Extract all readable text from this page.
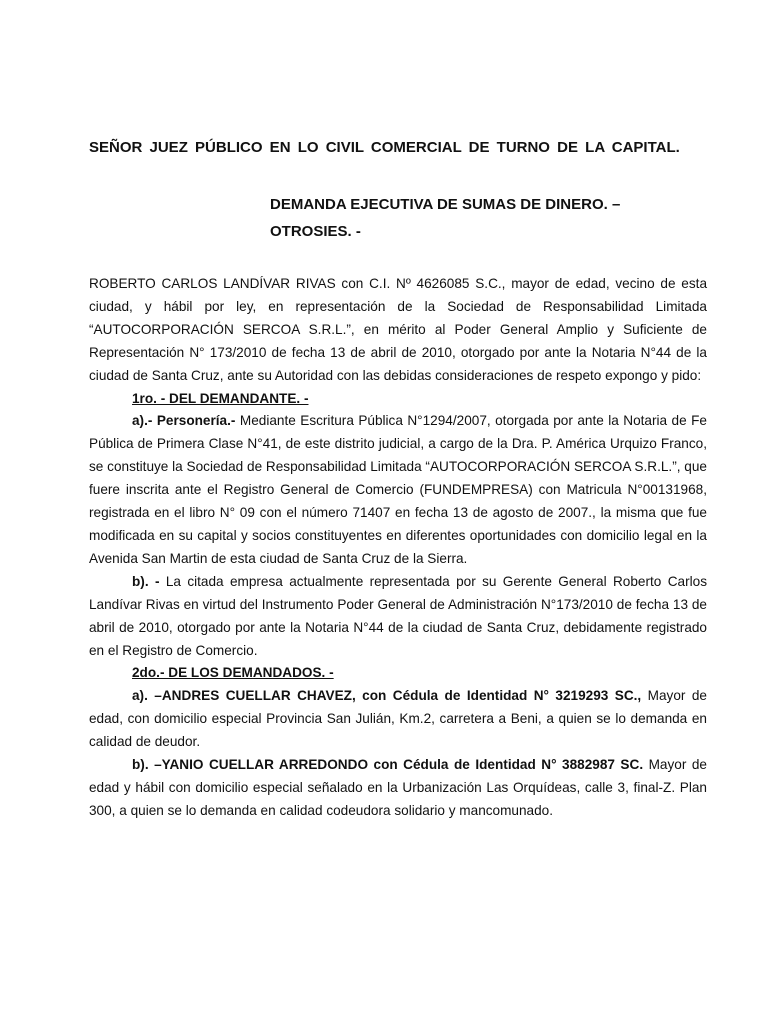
SEÑOR JUEZ PÚBLICO EN LO CIVIL COMERCIAL DE TURNO DE LA CAPITAL.

DEMANDA EJECUTIVA DE SUMAS DE DINERO. –
OTROSIES. -

ROBERTO CARLOS LANDÍVAR RIVAS con C.I. Nº 4626085 S.C., mayor de edad, vecino de esta ciudad, y hábil por ley, en representación de la Sociedad de Responsabilidad Limitada “AUTOCORPORACIÓN SERCOA S.R.L.”, en mérito al Poder General Amplio y Suficiente de Representación N° 173/2010 de fecha 13 de abril de 2010, otorgado por ante la Notaria N°44 de la ciudad de Santa Cruz, ante su Autoridad con las debidas consideraciones de respeto expongo y pido:

1ro. - DEL DEMANDANTE. -

a).- Personería.- Mediante Escritura Pública N°1294/2007, otorgada por ante la Notaria de Fe Pública de Primera Clase N°41, de este distrito judicial, a cargo de la Dra. P. América Urquizo Franco, se constituye la Sociedad de Responsabilidad Limitada “AUTOCORPORACIÓN SERCOA S.R.L.”, que fuere inscrita ante el Registro General de Comercio (FUNDEMPRESA) con Matricula N°00131968, registrada en el libro N° 09 con el número 71407 en fecha 13 de agosto de 2007., la misma que fue modificada en su capital y socios constituyentes en diferentes oportunidades con domicilio legal en la Avenida San Martin de esta ciudad de Santa Cruz de la Sierra.

b). - La citada empresa actualmente representada por su Gerente General Roberto Carlos Landívar Rivas en virtud del Instrumento Poder General de Administración N°173/2010 de fecha 13 de abril de 2010, otorgado por ante la Notaria N°44 de la ciudad de Santa Cruz, debidamente registrado en el Registro de Comercio.

2do.- DE LOS DEMANDADOS. -

a). –ANDRES CUELLAR CHAVEZ, con Cédula de Identidad N° 3219293 SC., Mayor de edad, con domicilio especial Provincia San Julián, Km.2, carretera a Beni, a quien se lo demanda en calidad de deudor.

b). –YANIO CUELLAR ARREDONDO con Cédula de Identidad N° 3882987 SC. Mayor de edad y hábil con domicilio especial señalado en la Urbanización Las Orquídeas, calle 3, final-Z. Plan 300, a quien se lo demanda en calidad codeudora solidario y mancomunado.
